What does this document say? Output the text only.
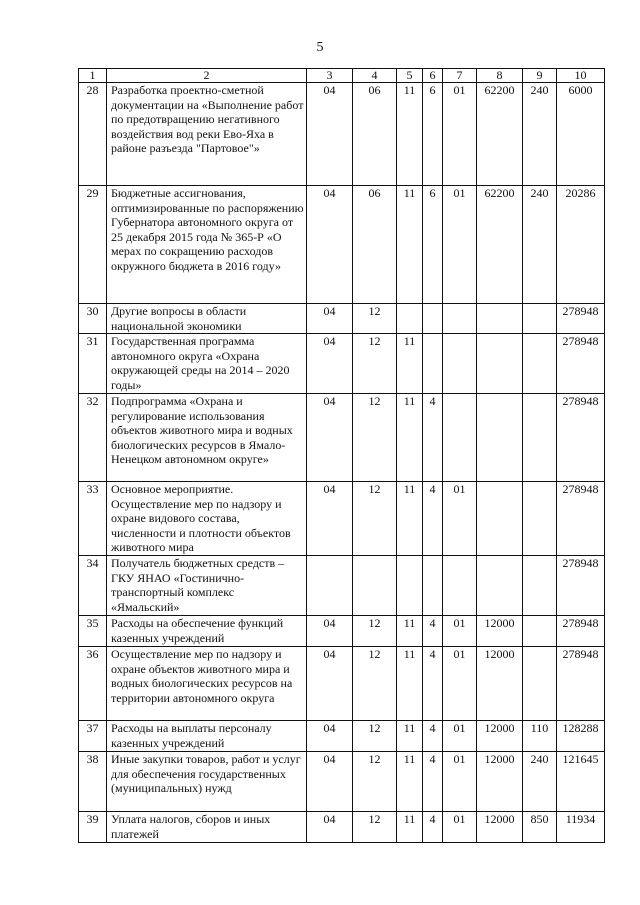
5
1	2	3	4	5	6	7	8	9	10
28	Разработка проектно-сметной документации на «Выполнение работ по предотвращению негативного воздействия вод реки Ево-Яха в районе разъезда "Партовое"»	04	06	11	6	01	62200	240	6000
29	Бюджетные ассигнования, оптимизированные по распоряжению Губернатора автономного округа от 25 декабря 2015 года № 365-Р «О мерах по сокращению расходов окружного бюджета в 2016 году»	04	06	11	6	01	62200	240	20286
30	Другие вопросы в области национальной экономики	04	12						278948
31	Государственная программа автономного округа «Охрана окружающей среды на 2014 – 2020 годы»	04	12	11					278948
32	Подпрограмма «Охрана и регулирование использования объектов животного мира и водных биологических ресурсов в Ямало-Ненецком автономном округе»	04	12	11	4				278948
33	Основное мероприятие. Осуществление мер по надзору и охране видового состава, численности и плотности объектов животного мира	04	12	11	4	01			278948
34	Получатель бюджетных средств – ГКУ ЯНАО «Гостинично-транспортный комплекс «Ямальский»								278948
35	Расходы на обеспечение функций казенных учреждений	04	12	11	4	01	12000		278948
36	Осуществление мер по надзору и охране объектов животного мира и водных биологических ресурсов на территории автономного округа	04	12	11	4	01	12000		278948
37	Расходы на выплаты персоналу казенных учреждений	04	12	11	4	01	12000	110	128288
38	Иные закупки товаров, работ и услуг для обеспечения государственных (муниципальных) нужд	04	12	11	4	01	12000	240	121645
39	Уплата налогов, сборов и иных платежей	04	12	11	4	01	12000	850	11934
